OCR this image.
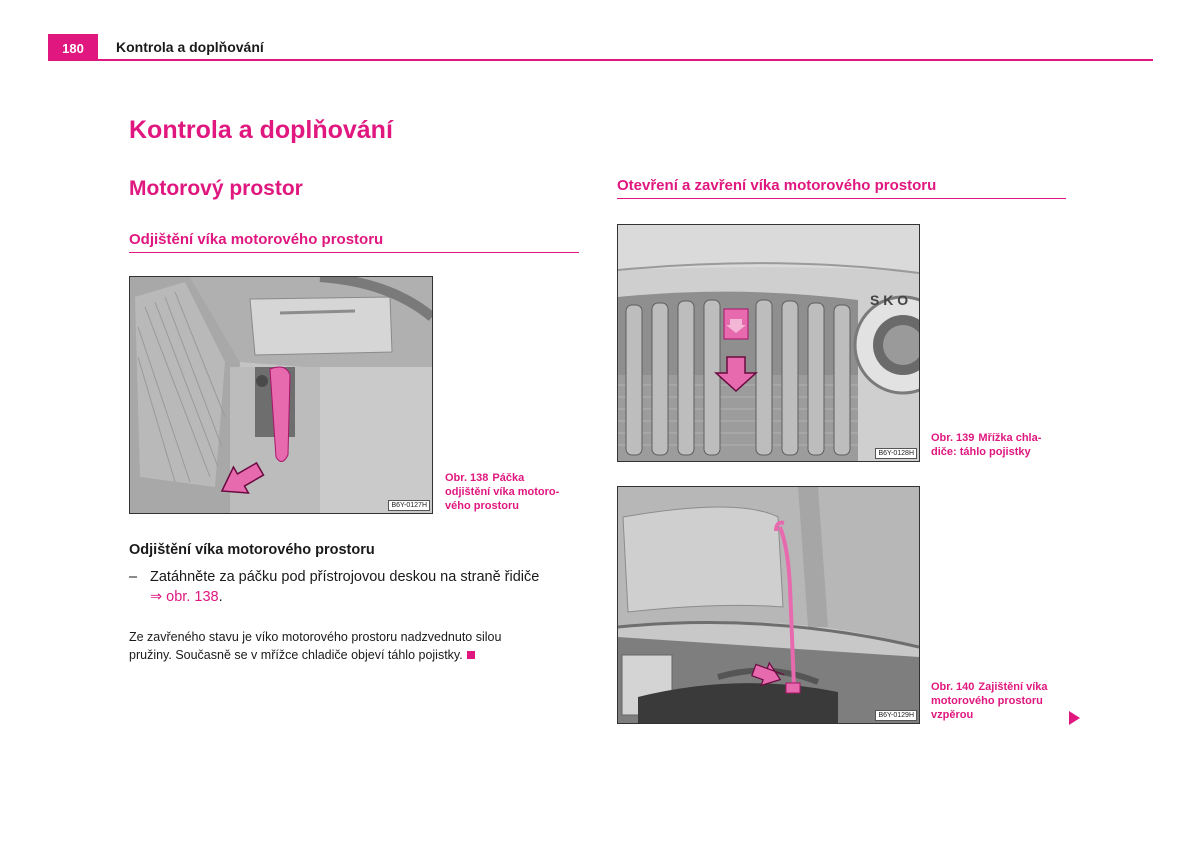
180	Kontrola a doplňování
Kontrola a doplňování
Motorový prostor
Odjištění víka motorového prostoru
Otevření a zavření víka motorového prostoru
B6Y-0127H
Obr. 138 Páčka
odjištění víka motoro-
vého prostoru
Odjištění víka motorového prostoru
– Zatáhněte za páčku pod přístrojovou deskou na straně řidiče
⇒ obr. 138.
Ze zavřeného stavu je víko motorového prostoru nadzvednuto silou
pružiny. Současně se v mřížce chladiče objeví táhlo pojistky.
S K O
B6Y-0128H
Obr. 139 Mřížka chla-
diče: táhlo pojistky
B6Y-0129H
Obr. 140 Zajištění víka
motorového prostoru
vzpěrou
